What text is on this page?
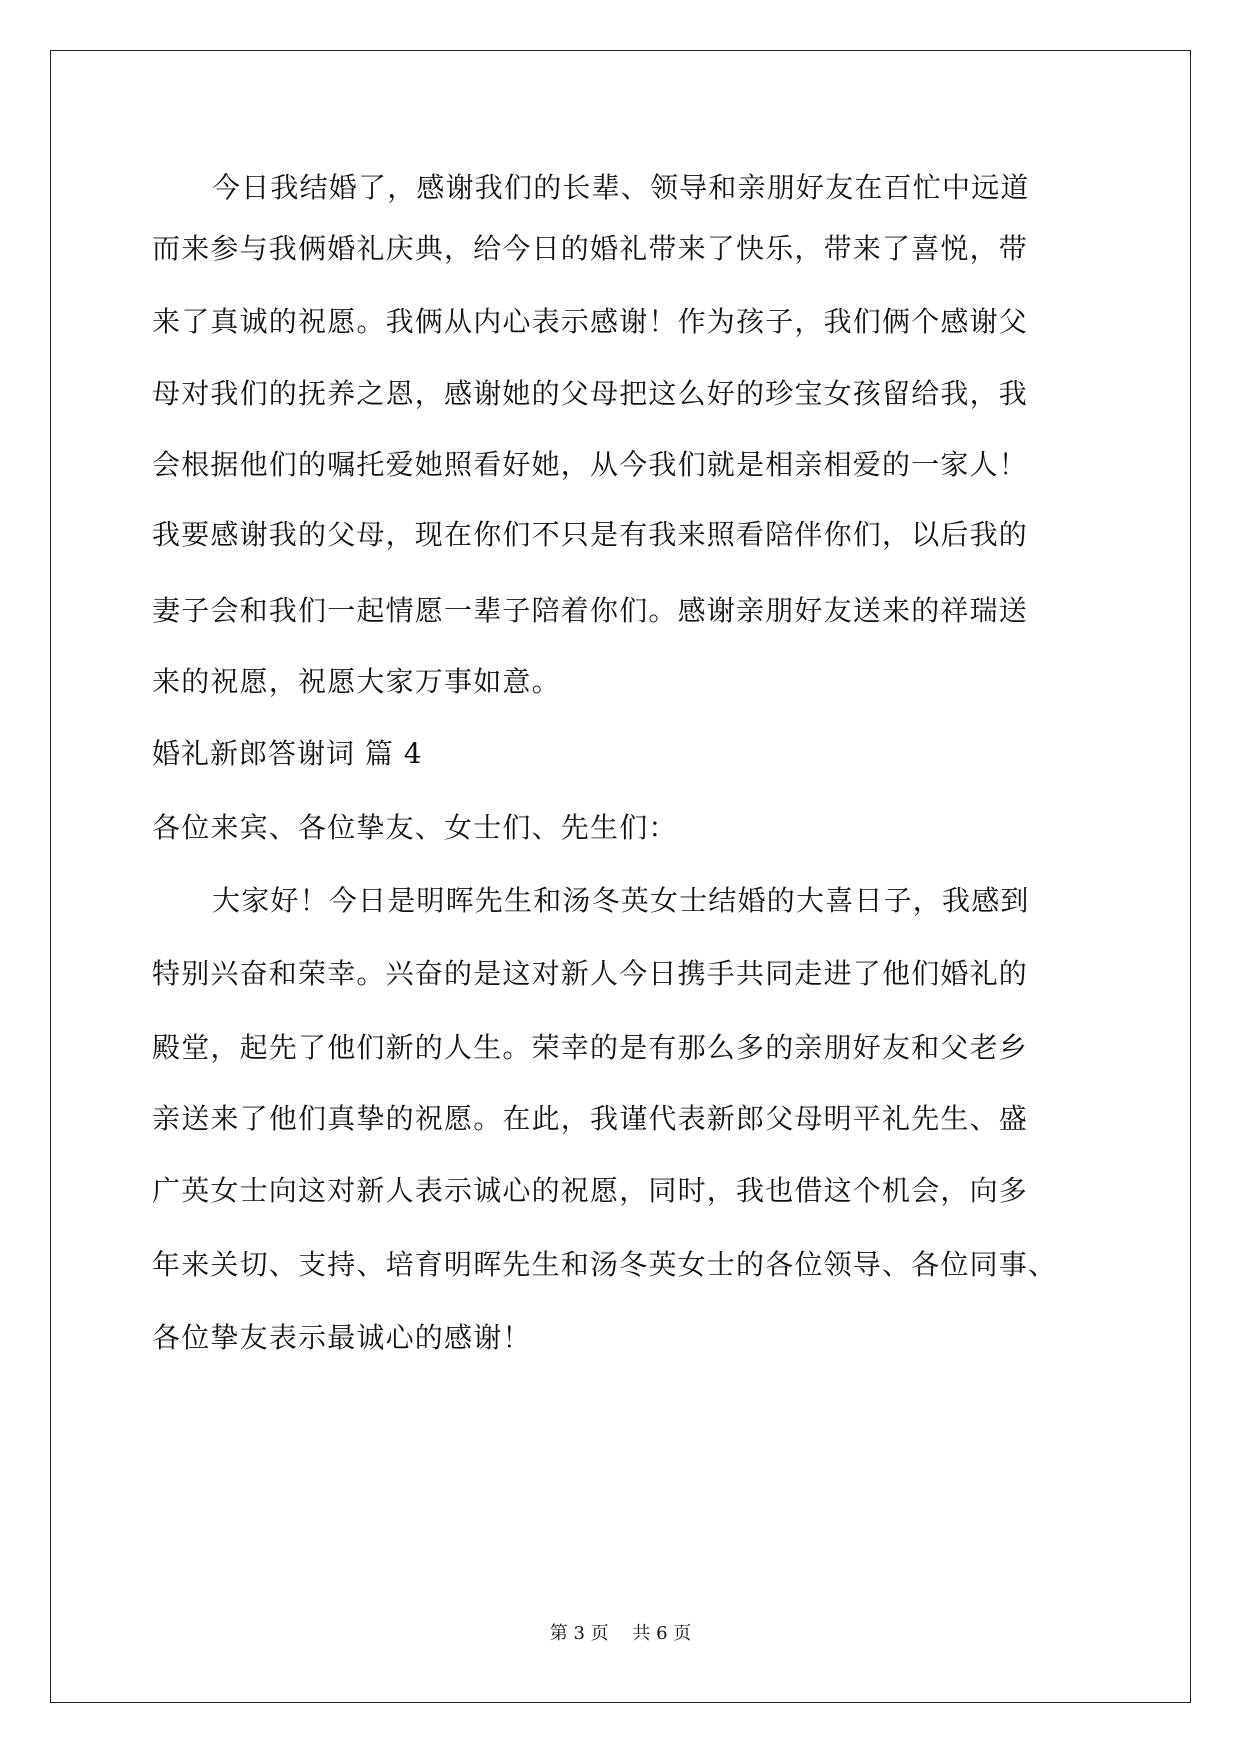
今日我结婚了，感谢我们的长辈、领导和亲朋好友在百忙中远道
而来参与我俩婚礼庆典，给今日的婚礼带来了快乐，带来了喜悦，带
来了真诚的祝愿。我俩从内心表示感谢！作为孩子，我们俩个感谢父
母对我们的抚养之恩，感谢她的父母把这么好的珍宝女孩留给我，我
会根据他们的嘱托爱她照看好她，从今我们就是相亲相爱的一家人！
我要感谢我的父母，现在你们不只是有我来照看陪伴你们，以后我的
妻子会和我们一起情愿一辈子陪着你们。感谢亲朋好友送来的祥瑞送
来的祝愿，祝愿大家万事如意。
婚礼新郎答谢词 篇 4
各位来宾、各位挚友、女士们、先生们：
大家好！今日是明晖先生和汤冬英女士结婚的大喜日子，我感到
特别兴奋和荣幸。兴奋的是这对新人今日携手共同走进了他们婚礼的
殿堂，起先了他们新的人生。荣幸的是有那么多的亲朋好友和父老乡
亲送来了他们真挚的祝愿。在此，我谨代表新郎父母明平礼先生、盛
广英女士向这对新人表示诚心的祝愿，同时，我也借这个机会，向多
年来关切、支持、培育明晖先生和汤冬英女士的各位领导、各位同事、
各位挚友表示最诚心的感谢！
第 3 页　 共 6 页
